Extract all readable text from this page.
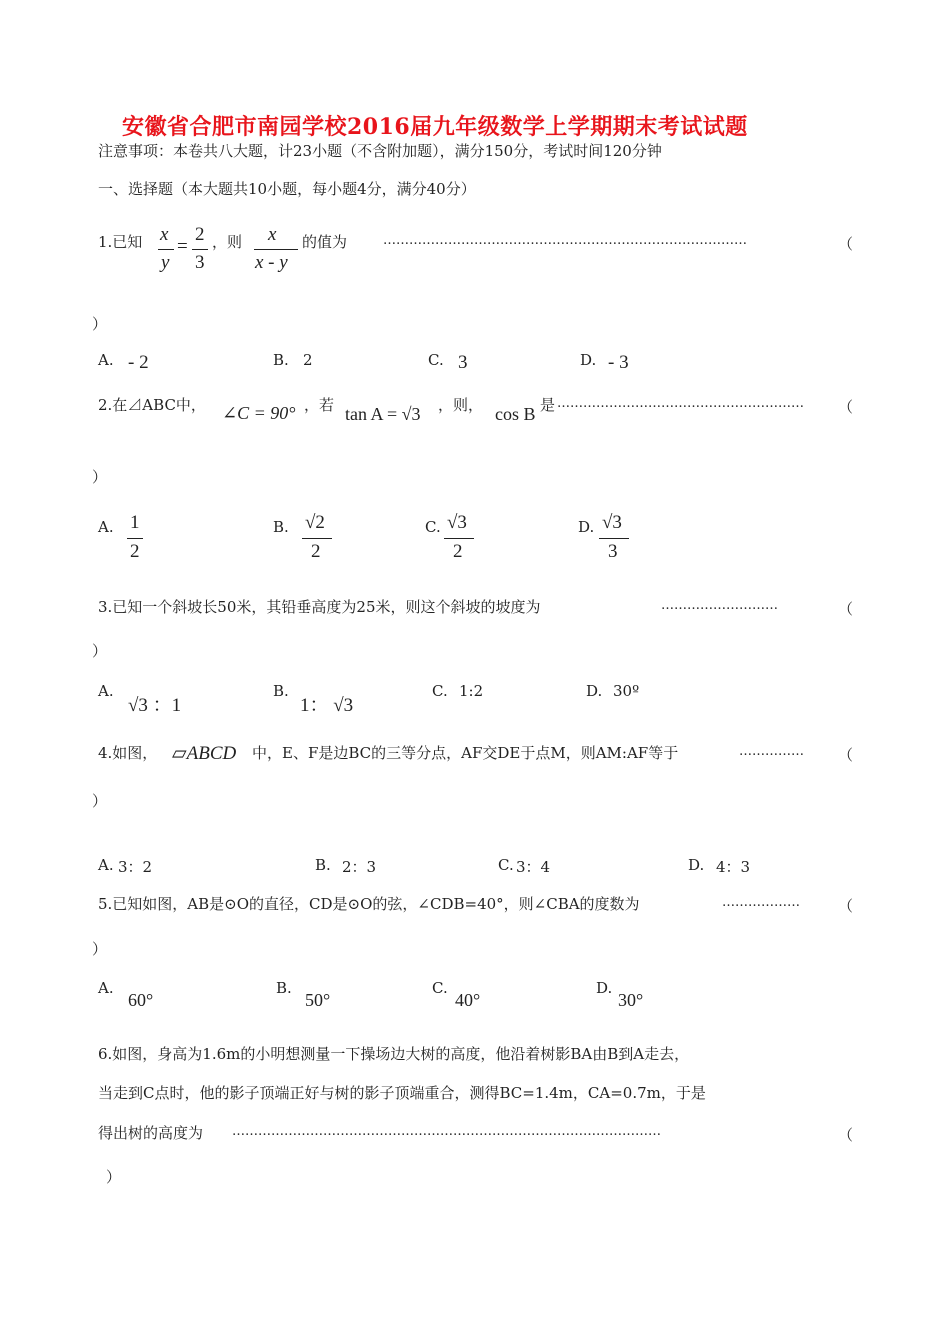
安徽省合肥市南园学校2016届九年级数学上学期期末考试试题
注意事项：本卷共八大题，计23小题（不含附加题），满分150分，考试时间120分钟
一、选择题（本大题共10小题，每小题4分，满分40分）
1.已知 x
y
=
2
3
，则 x
x - y
的值为	…………………………………………………………………………	（
）
A. - 2	B. 2	C. 3	D. - 3
2.在⊿ABC中， ∠C = 90° ，若 tan A = √3 ，则， cos B 是 ………………………………………………… （
）
A. 1
2
B. √2
2
C. √3
2
D. √3
3
3.已知一个斜坡长50米，其铅垂高度为25米，则这个斜坡的坡度为	………………………	（
）
A.
√3 ：1
B.
1： √3
C. 1:2	D. 30º
4.如图， ▱ABCD 中，E、F是边BC的三等分点，AF交DE于点M，则AM:AF等于	…………… （
）
A. 3：2	B. 2：3	C. 3：4	D. 4：3
5.已知如图，AB是⊙O的直径，CD是⊙O的弦，∠CDB=40°，则∠CBA的度数为	………………	（
）
A.
60°
B.
50°
C.
40°
D.
30°
6.如图，身高为1.6m的小明想测量一下操场边大树的高度，他沿着树影BA由B到A走去，
当走到C点时，他的影子顶端正好与树的影子顶端重合，测得BC=1.4m，CA=0.7m，于是
得出树的高度为 ………………………………………………………………………………………	（
）
